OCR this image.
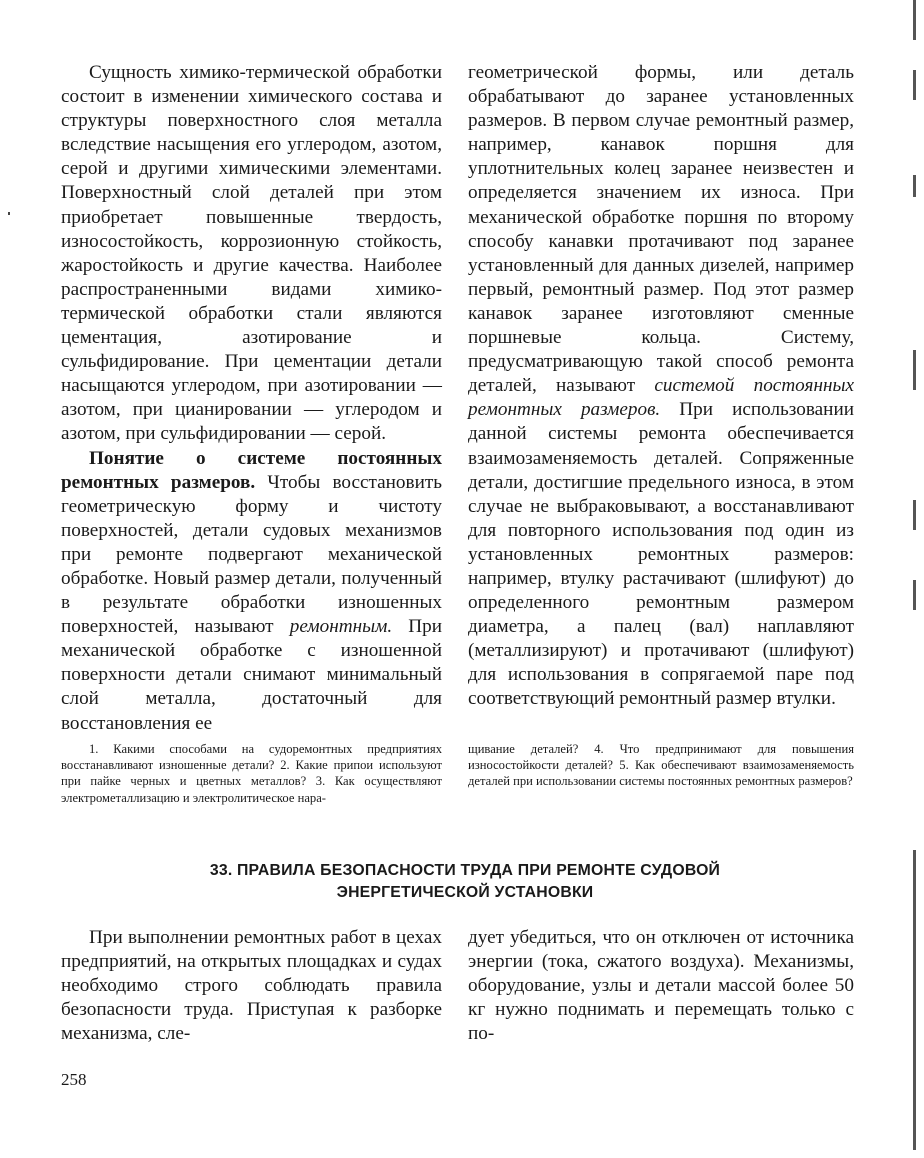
Сущность химико-термической обработки состоит в изменении химического состава и структуры поверхностного слоя металла вследствие насыщения его углеродом, азотом, серой и другими химическими элементами. Поверхностный слой деталей при этом приобретает повышенные твердость, износостойкость, коррозионную стойкость, жаростойкость и другие качества. Наиболее распространенными видами химико-термической обработки стали являются цементация, азотирование и сульфидирование. При цементации детали насыщаются углеродом, при азотировании — азотом, при цианировании — углеродом и азотом, при сульфидировании — серой.

Понятие о системе постоянных ремонтных размеров. Чтобы восстановить геометрическую форму и чистоту поверхностей, детали судовых механизмов при ремонте подвергают механической обработке. Новый размер детали, полученный в результате обработки изношенных поверхностей, называют ремонтным. При механической обработке с изношенной поверхности детали снимают минимальный слой металла, достаточный для восстановления ее

геометрической формы, или деталь обрабатывают до заранее установленных размеров. В первом случае ремонтный размер, например, канавок поршня для уплотнительных колец заранее неизвестен и определяется значением их износа. При механической обработке поршня по второму способу канавки протачивают под заранее установленный для данных дизелей, например первый, ремонтный размер. Под этот размер канавок заранее изготовляют сменные поршневые кольца. Систему, предусматривающую такой способ ремонта деталей, называют системой постоянных ремонтных размеров. При использовании данной системы ремонта обеспечивается взаимозаменяемость деталей. Сопряженные детали, достигшие предельного износа, в этом случае не выбраковывают, а восстанавливают для повторного использования под один из установленных ремонтных размеров: например, втулку растачивают (шлифуют) до определенного ремонтным размером диаметра, а палец (вал) наплавляют (металлизируют) и протачивают (шлифуют) для использования в сопрягаемой паре под соответствующий ремонтный размер втулки.

1. Какими способами на судоремонтных предприятиях восстанавливают изношенные детали? 2. Какие припои используют при пайке черных и цветных металлов? 3. Как осуществляют электрометаллизацию и электролитическое нара-
щивание деталей? 4. Что предпринимают для повышения износостойкости деталей? 5. Как обеспечивают взаимозаменяемость деталей при использовании системы постоянных ремонтных размеров?
33. ПРАВИЛА БЕЗОПАСНОСТИ ТРУДА ПРИ РЕМОНТЕ СУДОВОЙ
ЭНЕРГЕТИЧЕСКОЙ УСТАНОВКИ

При выполнении ремонтных работ в цехах предприятий, на открытых площадках и судах необходимо строго соблюдать правила безопасности труда. Приступая к разборке механизма, сле-

дует убедиться, что он отключен от источника энергии (тока, сжатого воздуха). Механизмы, оборудование, узлы и детали массой более 50 кг нужно поднимать и перемещать только с по-

258
